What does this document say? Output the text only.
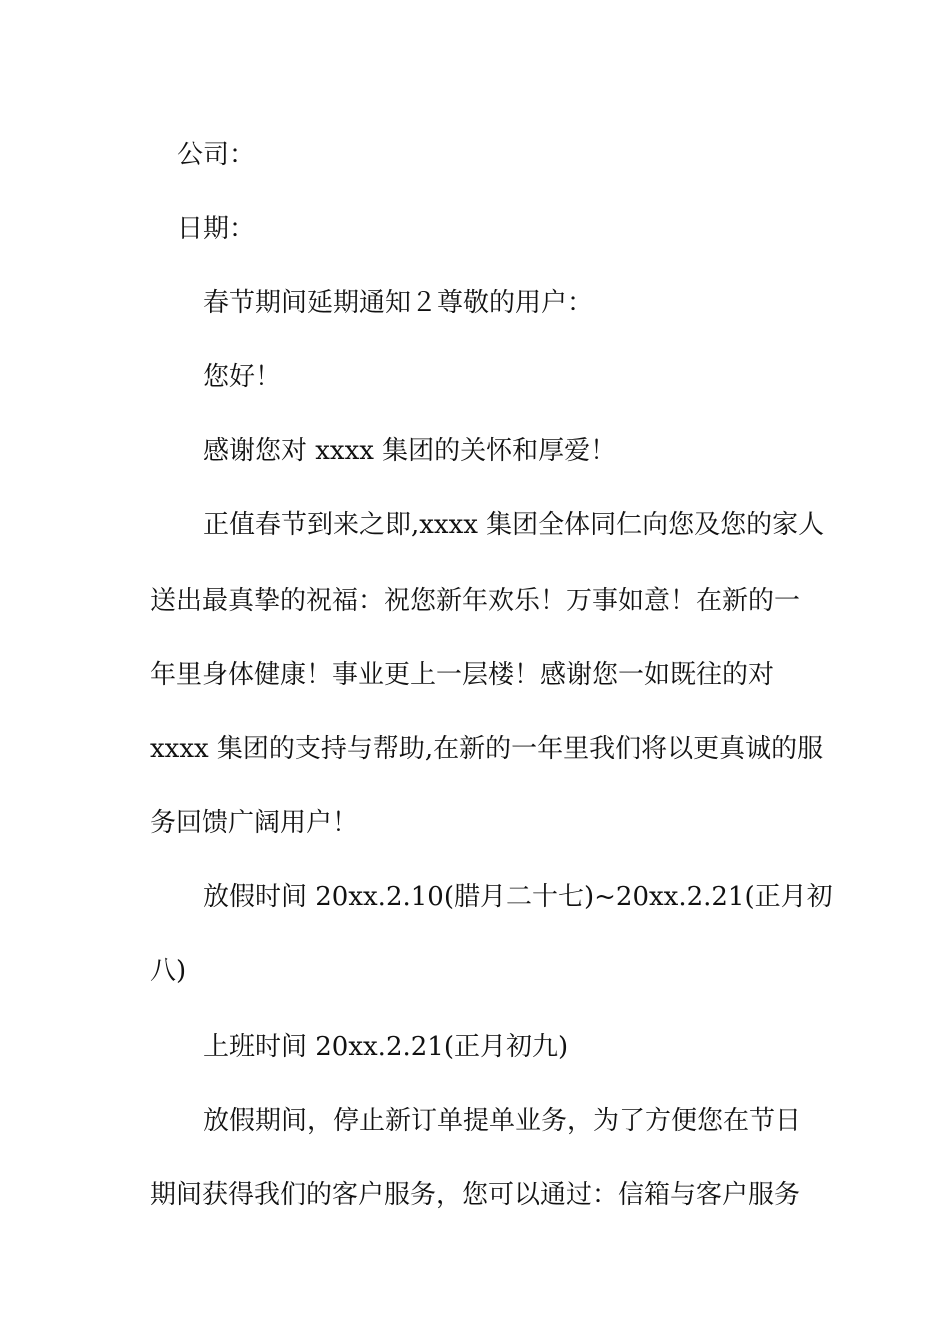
公司：
日期：
春节期间延期通知２尊敬的用户：
您好！
感谢您对 xxxx 集团的关怀和厚爱！
正值春节到来之即,xxxx 集团全体同仁向您及您的家人
送出最真挚的祝福：祝您新年欢乐！万事如意！在新的一
年里身体健康！事业更上一层楼！感谢您一如既往的对
xxxx 集团的支持与帮助,在新的一年里我们将以更真诚的服
务回馈广阔用户！
放假时间 20xx.2.10(腊月二十七)~20xx.2.21(正月初
八)
上班时间 20xx.2.21(正月初九)
放假期间，停止新订单提单业务，为了方便您在节日
期间获得我们的客户服务，您可以通过：信箱与客户服务
